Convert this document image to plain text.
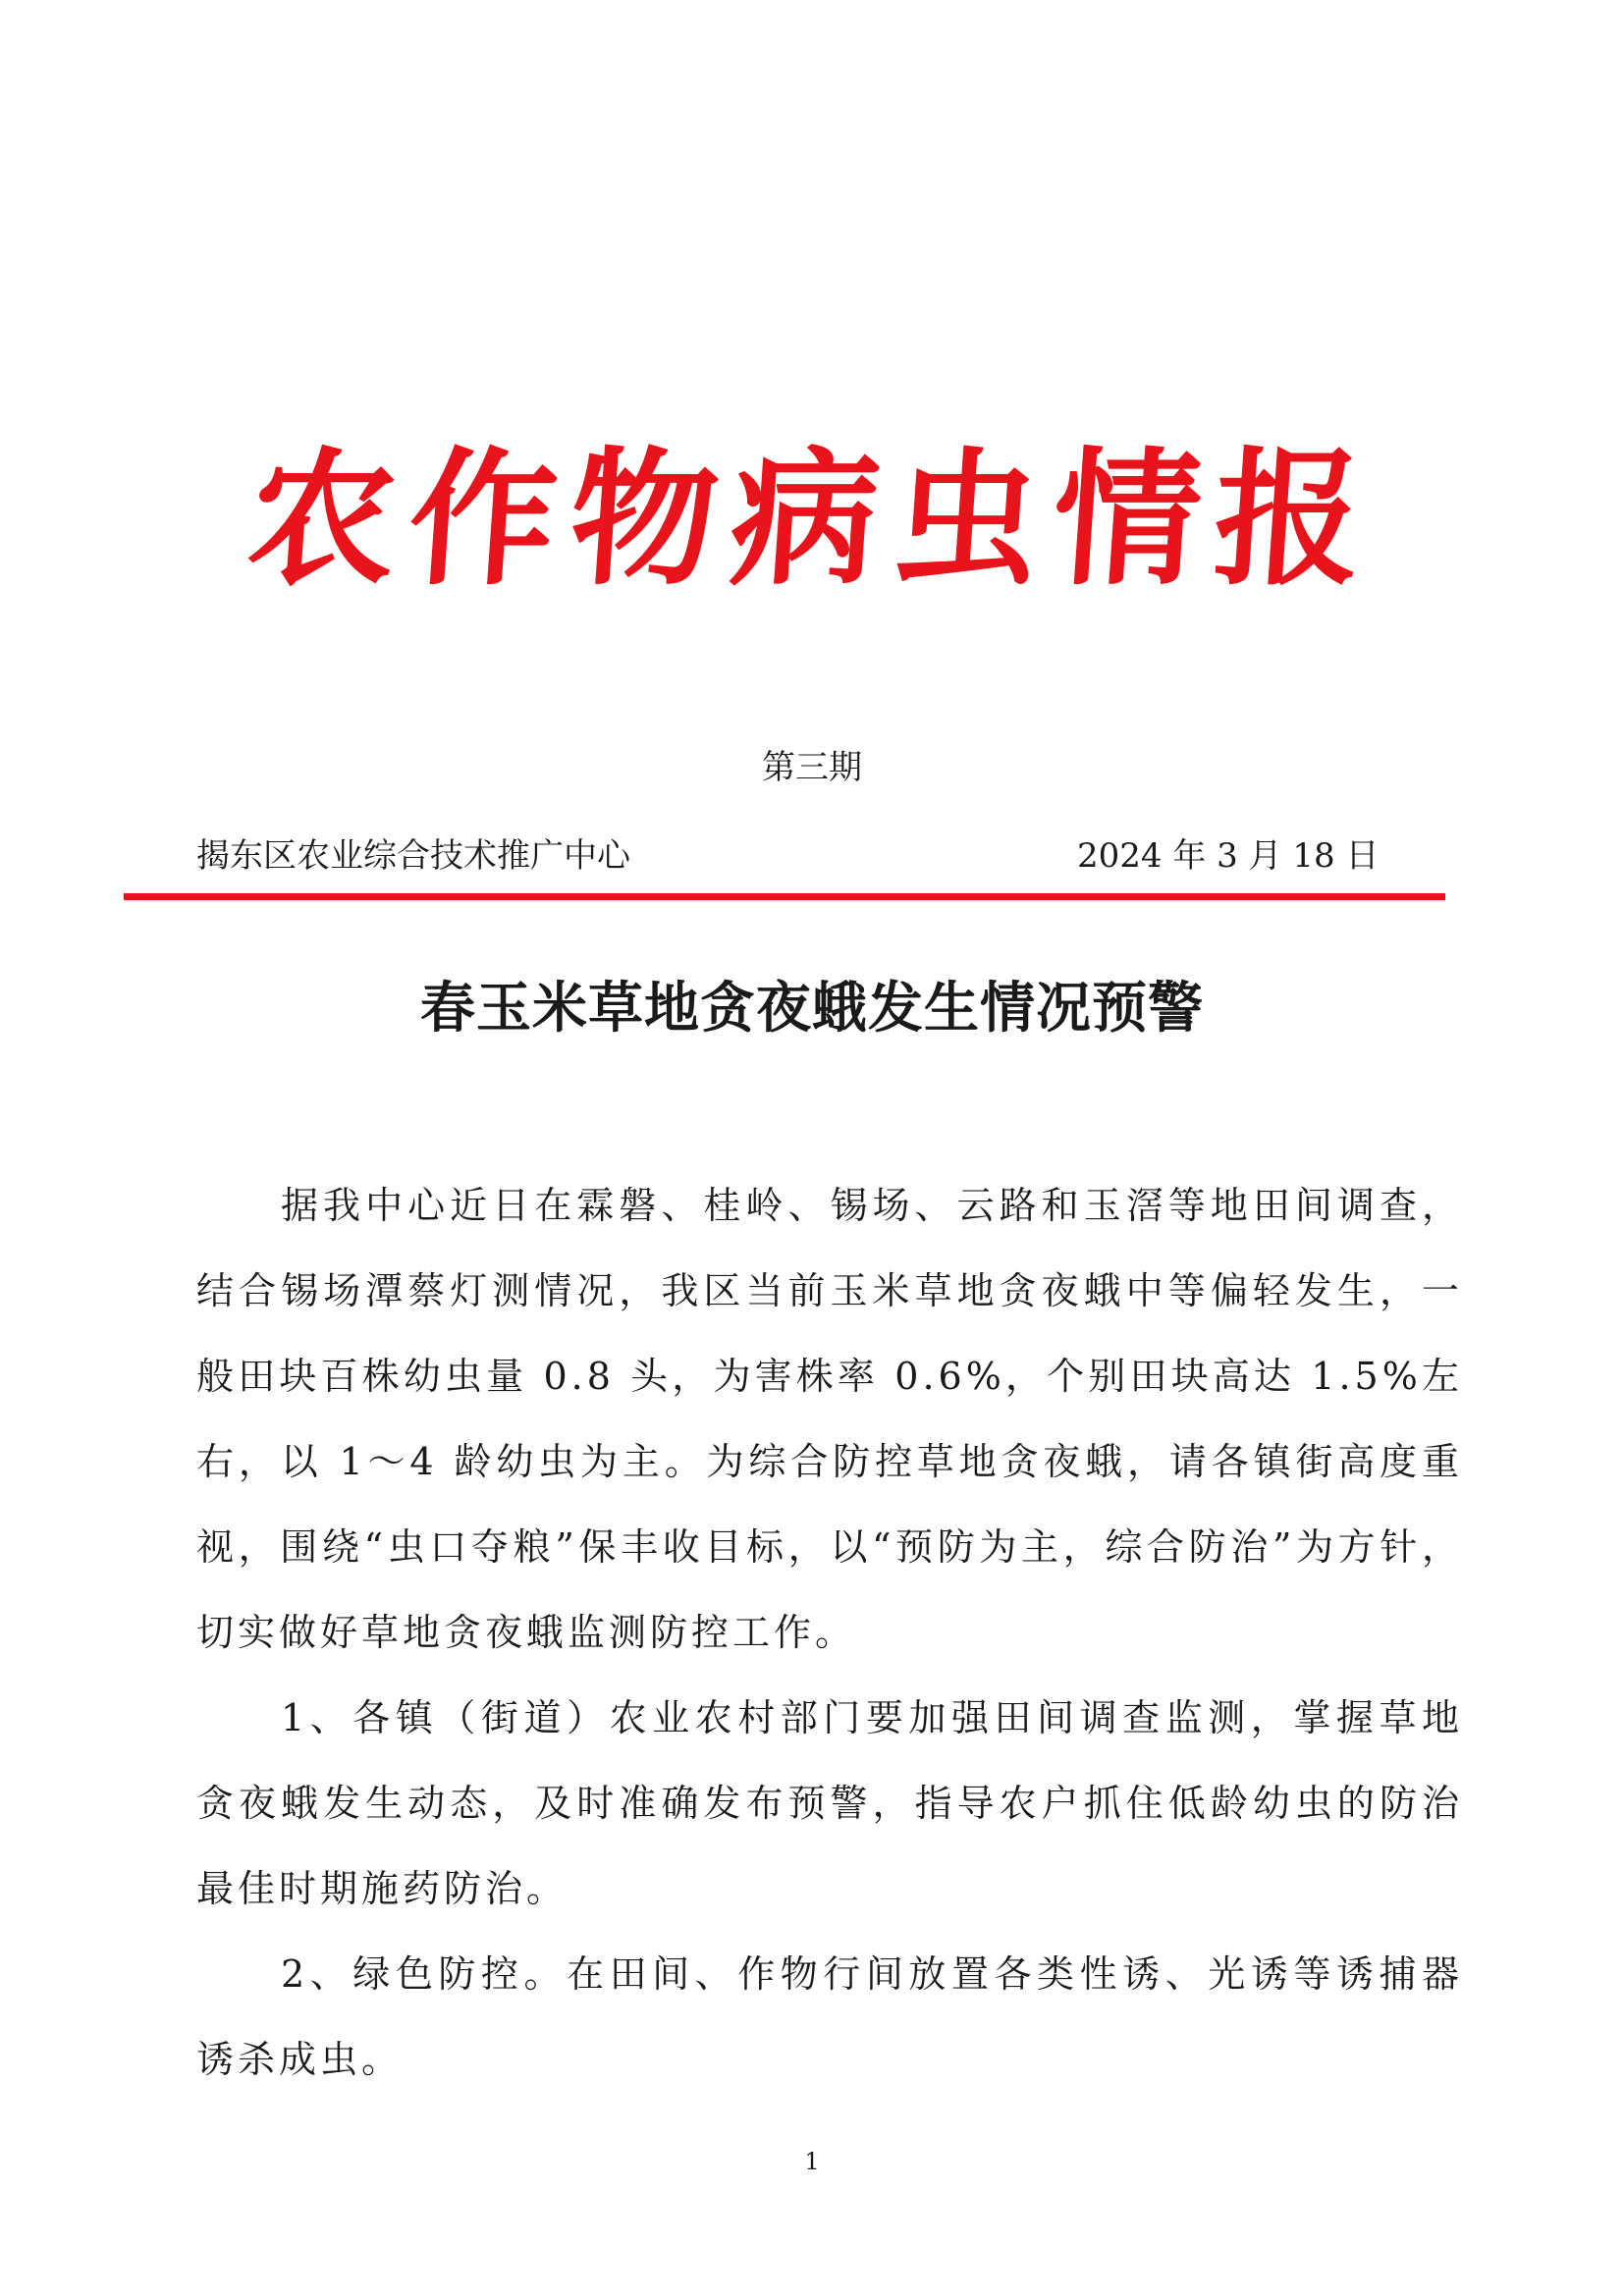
农作物病虫情报
第三期
揭东区农业综合技术推广中心	2024 年 3 月 18 日
春玉米草地贪夜蛾发生情况预警

据我中心近日在霖磐、桂岭、锡场、云路和玉滘等地田间调查，结合锡场潭蔡灯测情况，我区当前玉米草地贪夜蛾中等偏轻发生，一般田块百株幼虫量 0.8 头，为害株率 0.6%，个别田块高达 1.5%左右，以 1～4 龄幼虫为主。为综合防控草地贪夜蛾，请各镇街高度重视，围绕“虫口夺粮”保丰收目标，以“预防为主，综合防治”为方针，切实做好草地贪夜蛾监测防控工作。

1、各镇（街道）农业农村部门要加强田间调查监测，掌握草地贪夜蛾发生动态，及时准确发布预警，指导农户抓住低龄幼虫的防治最佳时期施药防治。

2、绿色防控。在田间、作物行间放置各类性诱、光诱等诱捕器诱杀成虫。

1
